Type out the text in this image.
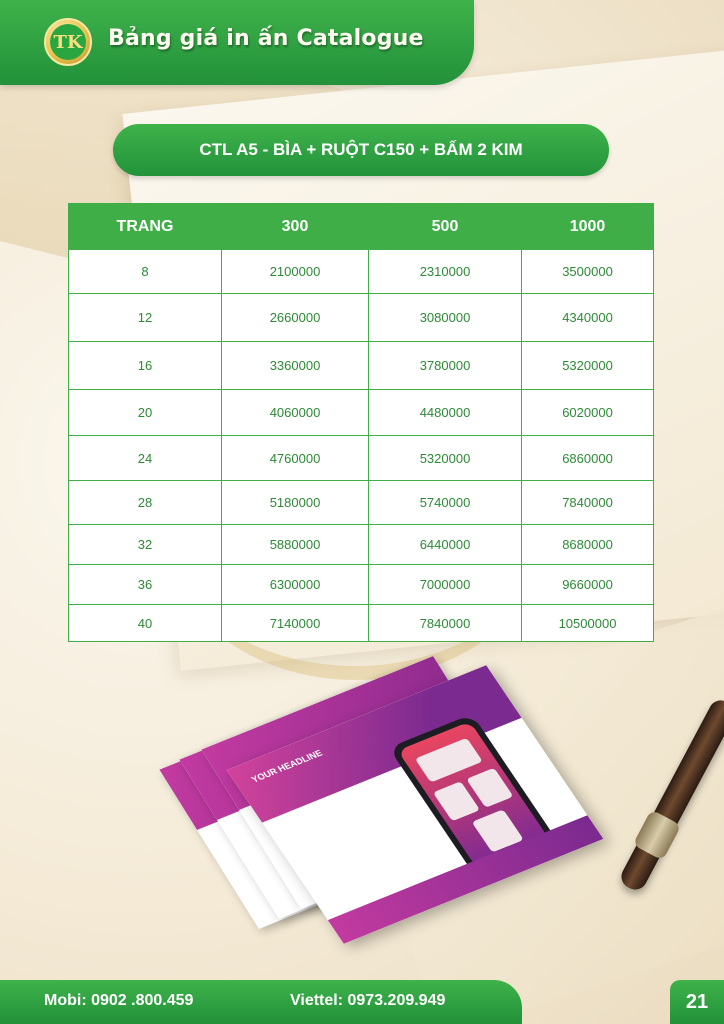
TK Bảng giá in ấn Catalogue
CTL A5 - BÌA + RUỘT C150 + BẤM 2 KIM
TRANG	300	500	1000
8	2100000	2310000	3500000
12	2660000	3080000	4340000
16	3360000	3780000	5320000
20	4060000	4480000	6020000
24	4760000	5320000	6860000
28	5180000	5740000	7840000
32	5880000	6440000	8680000
36	6300000	7000000	9660000
40	7140000	7840000	10500000
YOUR HEADLINE
Mobi: 0902 .800.459	Viettel: 0973.209.949	21
